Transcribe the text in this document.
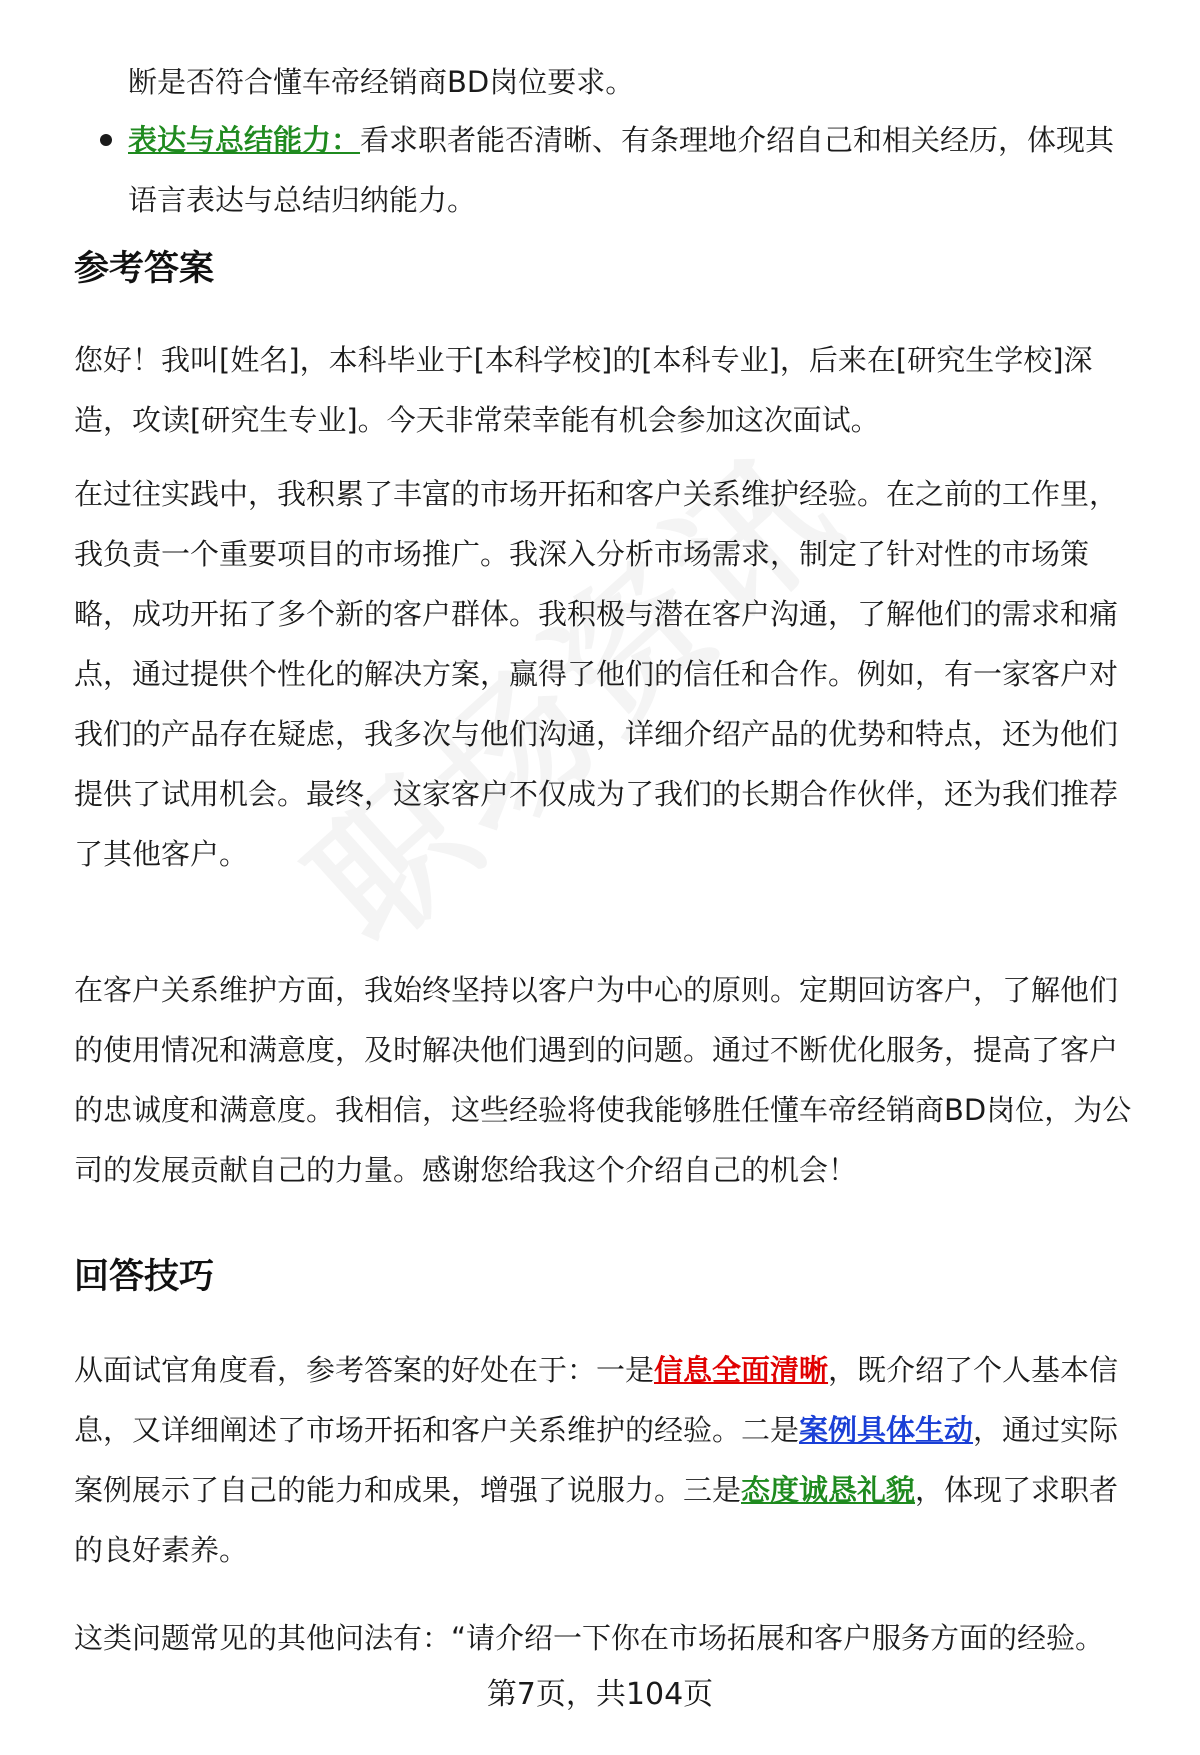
断是否符合懂车帝经销商BD岗位要求。

表达与总结能力：看求职者能否清晰、有条理地介绍自己和相关经历，体现其
语言表达与总结归纳能力。
参考答案

您好！我叫[姓名]，本科毕业于[本科学校]的[本科专业]，后来在[研究生学校]深
造，攻读[研究生专业]。今天非常荣幸能有机会参加这次面试。

在过往实践中，我积累了丰富的市场开拓和客户关系维护经验。在之前的工作里，
我负责一个重要项目的市场推广。我深入分析市场需求，制定了针对性的市场策
略，成功开拓了多个新的客户群体。我积极与潜在客户沟通，了解他们的需求和痛
点，通过提供个性化的解决方案，赢得了他们的信任和合作。例如，有一家客户对
我们的产品存在疑虑，我多次与他们沟通，详细介绍产品的优势和特点，还为他们
提供了试用机会。最终，这家客户不仅成为了我们的长期合作伙伴，还为我们推荐
了其他客户。

在客户关系维护方面，我始终坚持以客户为中心的原则。定期回访客户，了解他们
的使用情况和满意度，及时解决他们遇到的问题。通过不断优化服务，提高了客户
的忠诚度和满意度。我相信，这些经验将使我能够胜任懂车帝经销商BD岗位，为公
司的发展贡献自己的力量。感谢您给我这个介绍自己的机会！

回答技巧

从面试官角度看，参考答案的好处在于：一是信息全面清晰，既介绍了个人基本信
息，又详细阐述了市场开拓和客户关系维护的经验。二是案例具体生动，通过实际
案例展示了自己的能力和成果，增强了说服力。三是态度诚恳礼貌，体现了求职者
的良好素养。

这类问题常见的其他问法有：“请介绍一下你在市场拓展和客户服务方面的经验。

第7页，共104页
